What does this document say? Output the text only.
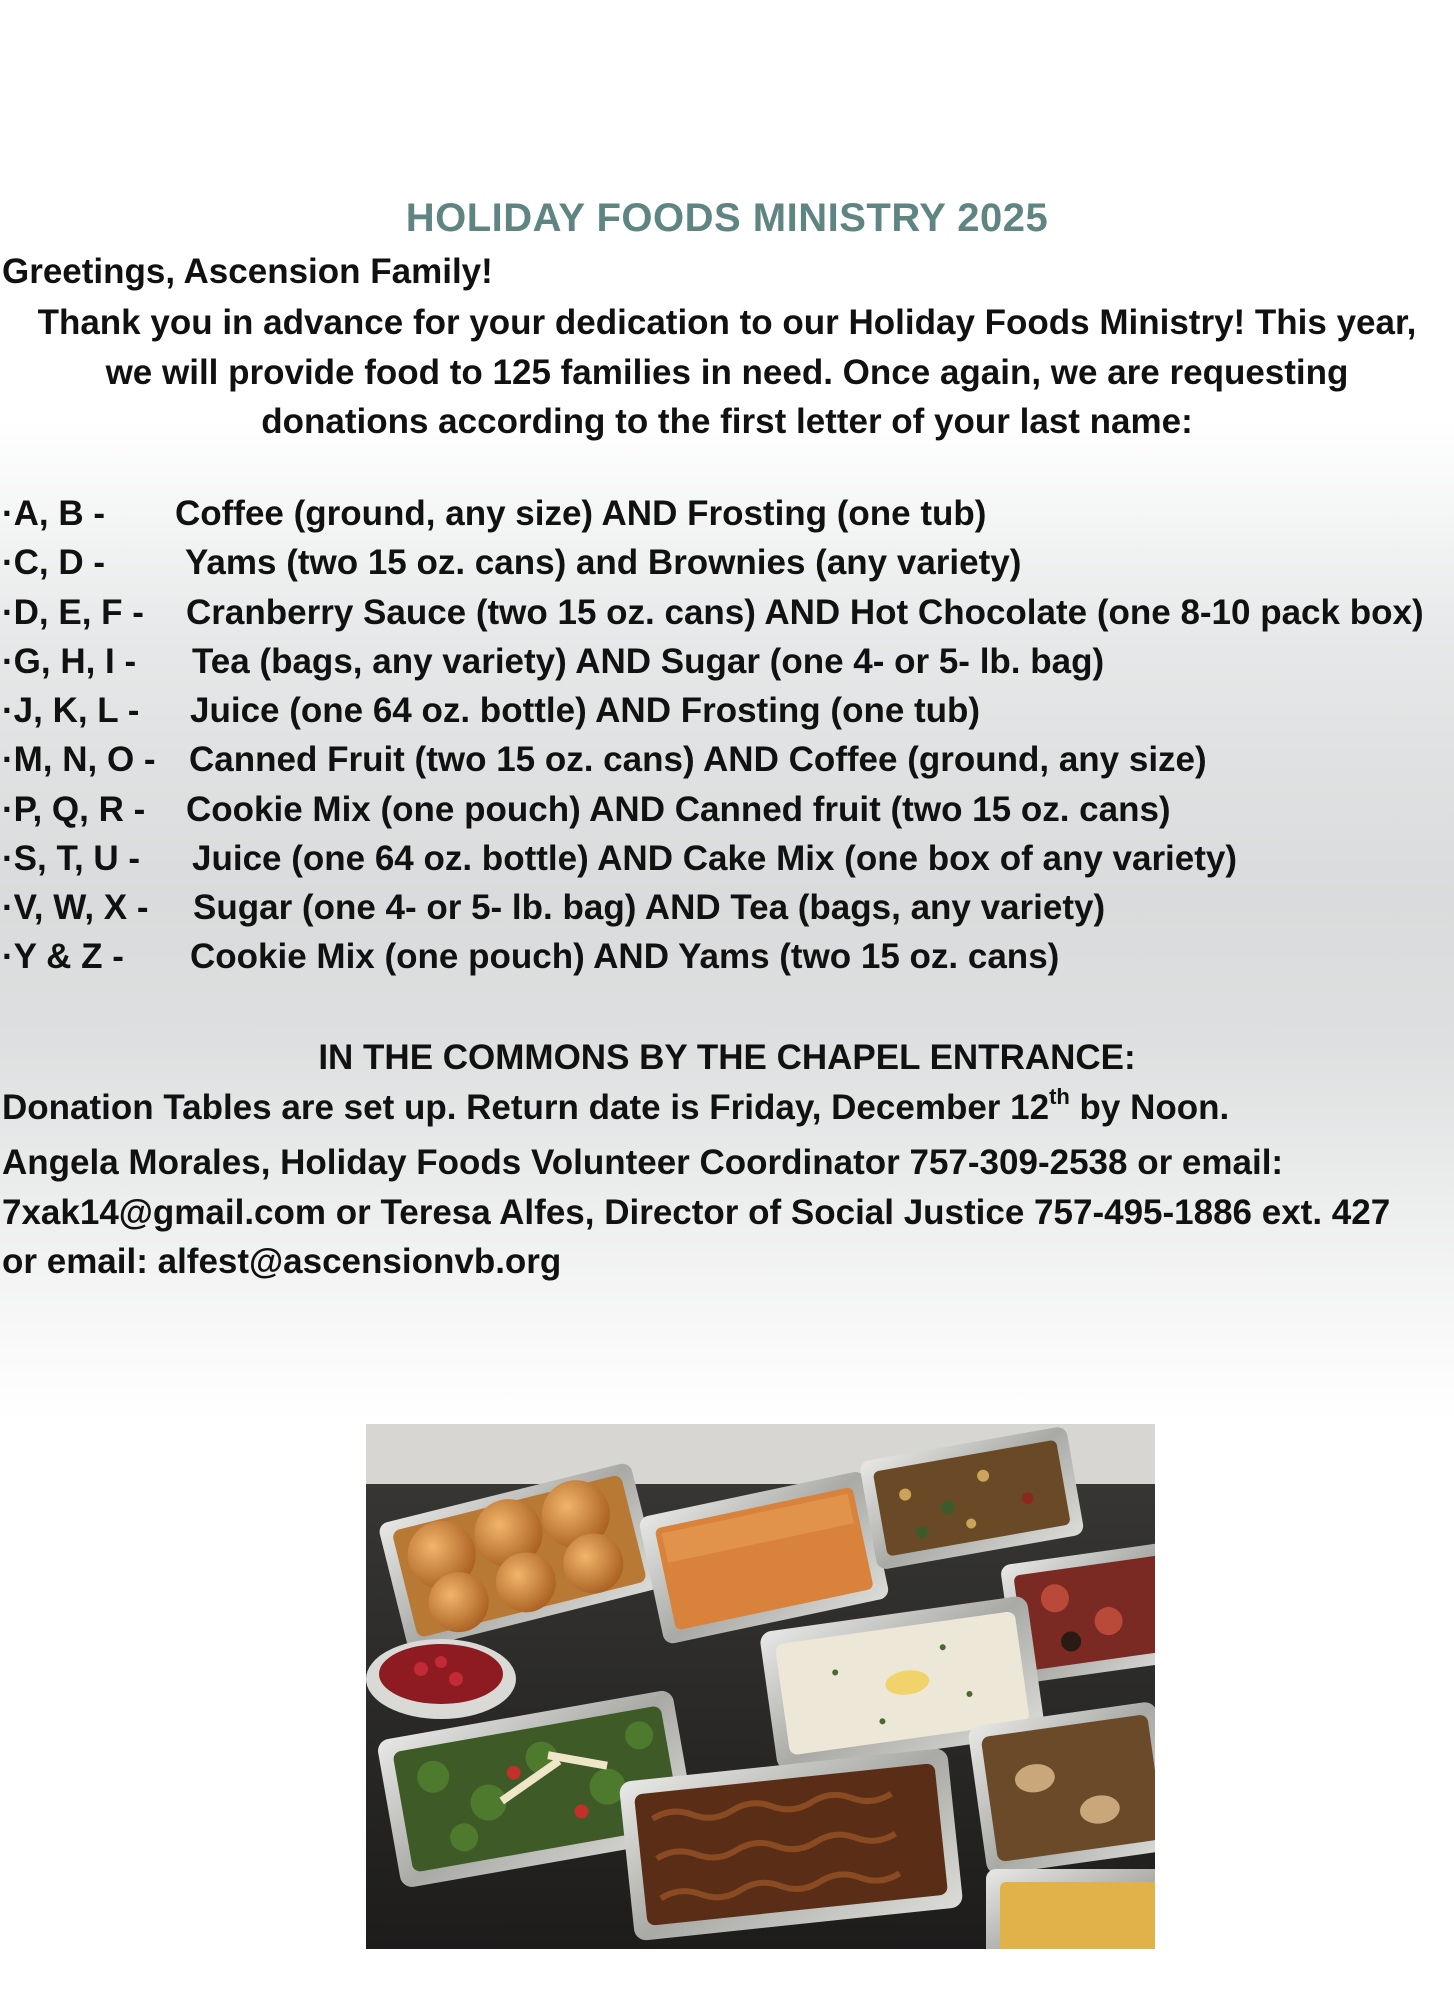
HOLIDAY FOODS MINISTRY 2025
Greetings, Ascension Family!
Thank you in advance for your dedication to our Holiday Foods Ministry! This year,
we will provide food to 125 families in need. Once again, we are requesting
donations according to the first letter of your last name:
·A, B - Coffee (ground, any size) AND Frosting (one tub)
·C, D - Yams (two 15 oz. cans) and Brownies (any variety)
·D, E, F - Cranberry Sauce (two 15 oz. cans) AND Hot Chocolate (one 8-10 pack box)
·G, H, I - Tea (bags, any variety) AND Sugar (one 4- or 5- lb. bag)
·J, K, L - Juice (one 64 oz. bottle) AND Frosting (one tub)
·M, N, O - Canned Fruit (two 15 oz. cans) AND Coffee (ground, any size)
·P, Q, R - Cookie Mix (one pouch) AND Canned fruit (two 15 oz. cans)
·S, T, U - Juice (one 64 oz. bottle) AND Cake Mix (one box of any variety)
·V, W, X - Sugar (one 4- or 5- lb. bag) AND Tea (bags, any variety)
·Y & Z - Cookie Mix (one pouch) AND Yams (two 15 oz. cans)
IN THE COMMONS BY THE CHAPEL ENTRANCE:
Donation Tables are set up. Return date is Friday, December 12th by Noon.
Angela Morales, Holiday Foods Volunteer Coordinator 757-309-2538 or email:
7xak14@gmail.com or Teresa Alfes, Director of Social Justice 757-495-1886 ext. 427
or email: alfest@ascensionvb.org
